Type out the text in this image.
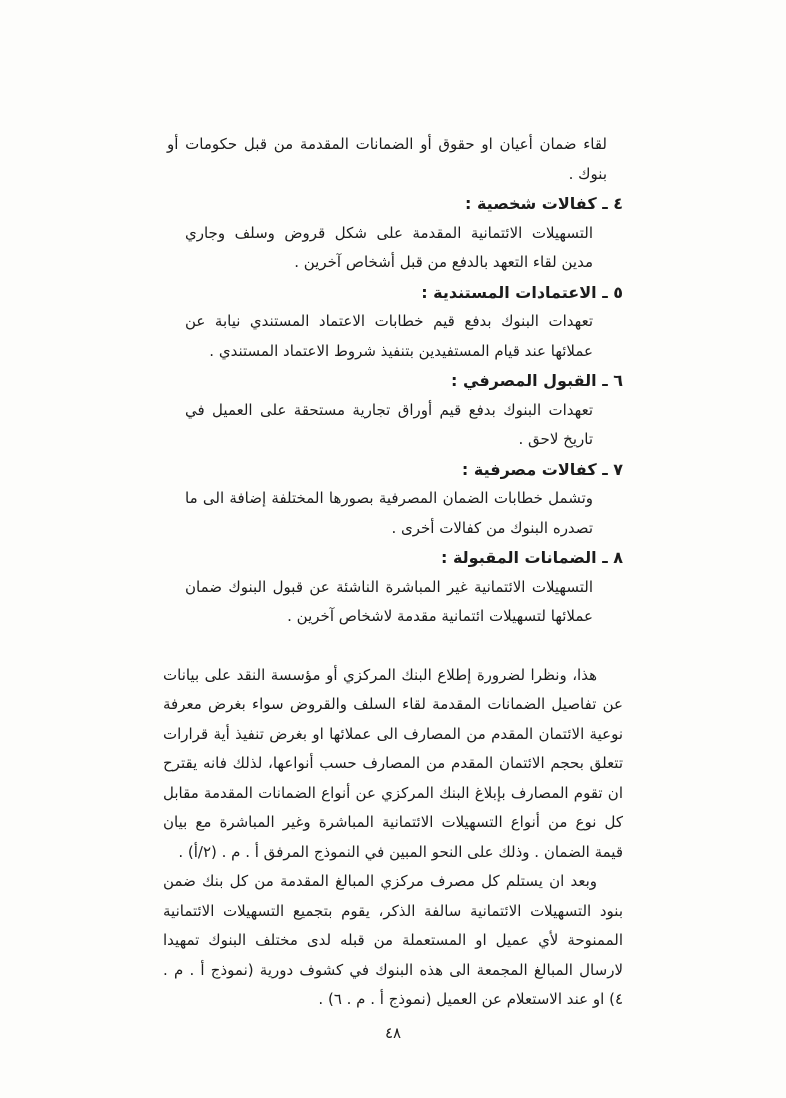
لقاء ضمان أعيان او حقوق أو الضمانات المقدمة من قبل حكومات أو بنوك .

٤ ـ كفالات شخصية :

التسهيلات الائتمانية المقدمة على شكل قروض وسلف وجاري مدين لقاء التعهد بالدفع من قبل أشخاص آخرين .

٥ ـ الاعتمادات المستندية :

تعهدات البنوك بدفع قيم خطابات الاعتماد المستندي نيابة عن عملائها عند قيام المستفيدين بتنفيذ شروط الاعتماد المستندي .

٦ ـ القبول المصرفي :

تعهدات البنوك بدفع قيم أوراق تجارية مستحقة على العميل في تاريخ لاحق .

٧ ـ كفالات مصرفية :

وتشمل خطابات الضمان المصرفية بصورها المختلفة إضافة الى ما تصدره البنوك من كفالات أخرى .

٨ ـ الضمانات المقبولة :

التسهيلات الائتمانية غير المباشرة الناشئة عن قبول البنوك ضمان عملائها لتسهيلات ائتمانية مقدمة لاشخاص آخرين .

هذا، ونظرا لضرورة إطلاع البنك المركزي أو مؤسسة النقد على بيانات عن تفاصيل الضمانات المقدمة لقاء السلف والقروض سواء بغرض معرفة نوعية الائتمان المقدم من المصارف الى عملائها او بغرض تنفيذ أية قرارات تتعلق بحجم الائتمان المقدم من المصارف حسب أنواعها، لذلك فانه يقترح ان تقوم المصارف بإبلاغ البنك المركزي عن أنواع الضمانات المقدمة مقابل كل نوع من أنواع التسهيلات الائتمانية المباشرة وغير المباشرة مع بيان قيمة الضمان . وذلك على النحو المبين في النموذج المرفق أ . م . (٢/أ) .

وبعد ان يستلم كل مصرف مركزي المبالغ المقدمة من كل بنك ضمن بنود التسهيلات الائتمانية سالفة الذكر، يقوم بتجميع التسهيلات الائتمانية الممنوحة لأي عميل او المستعملة من قبله لدى مختلف البنوك تمهيدا لارسال المبالغ المجمعة الى هذه البنوك في كشوف دورية (نموذج أ . م . ٤) او عند الاستعلام عن العميل (نموذج أ . م . ٦) .

٤٨
